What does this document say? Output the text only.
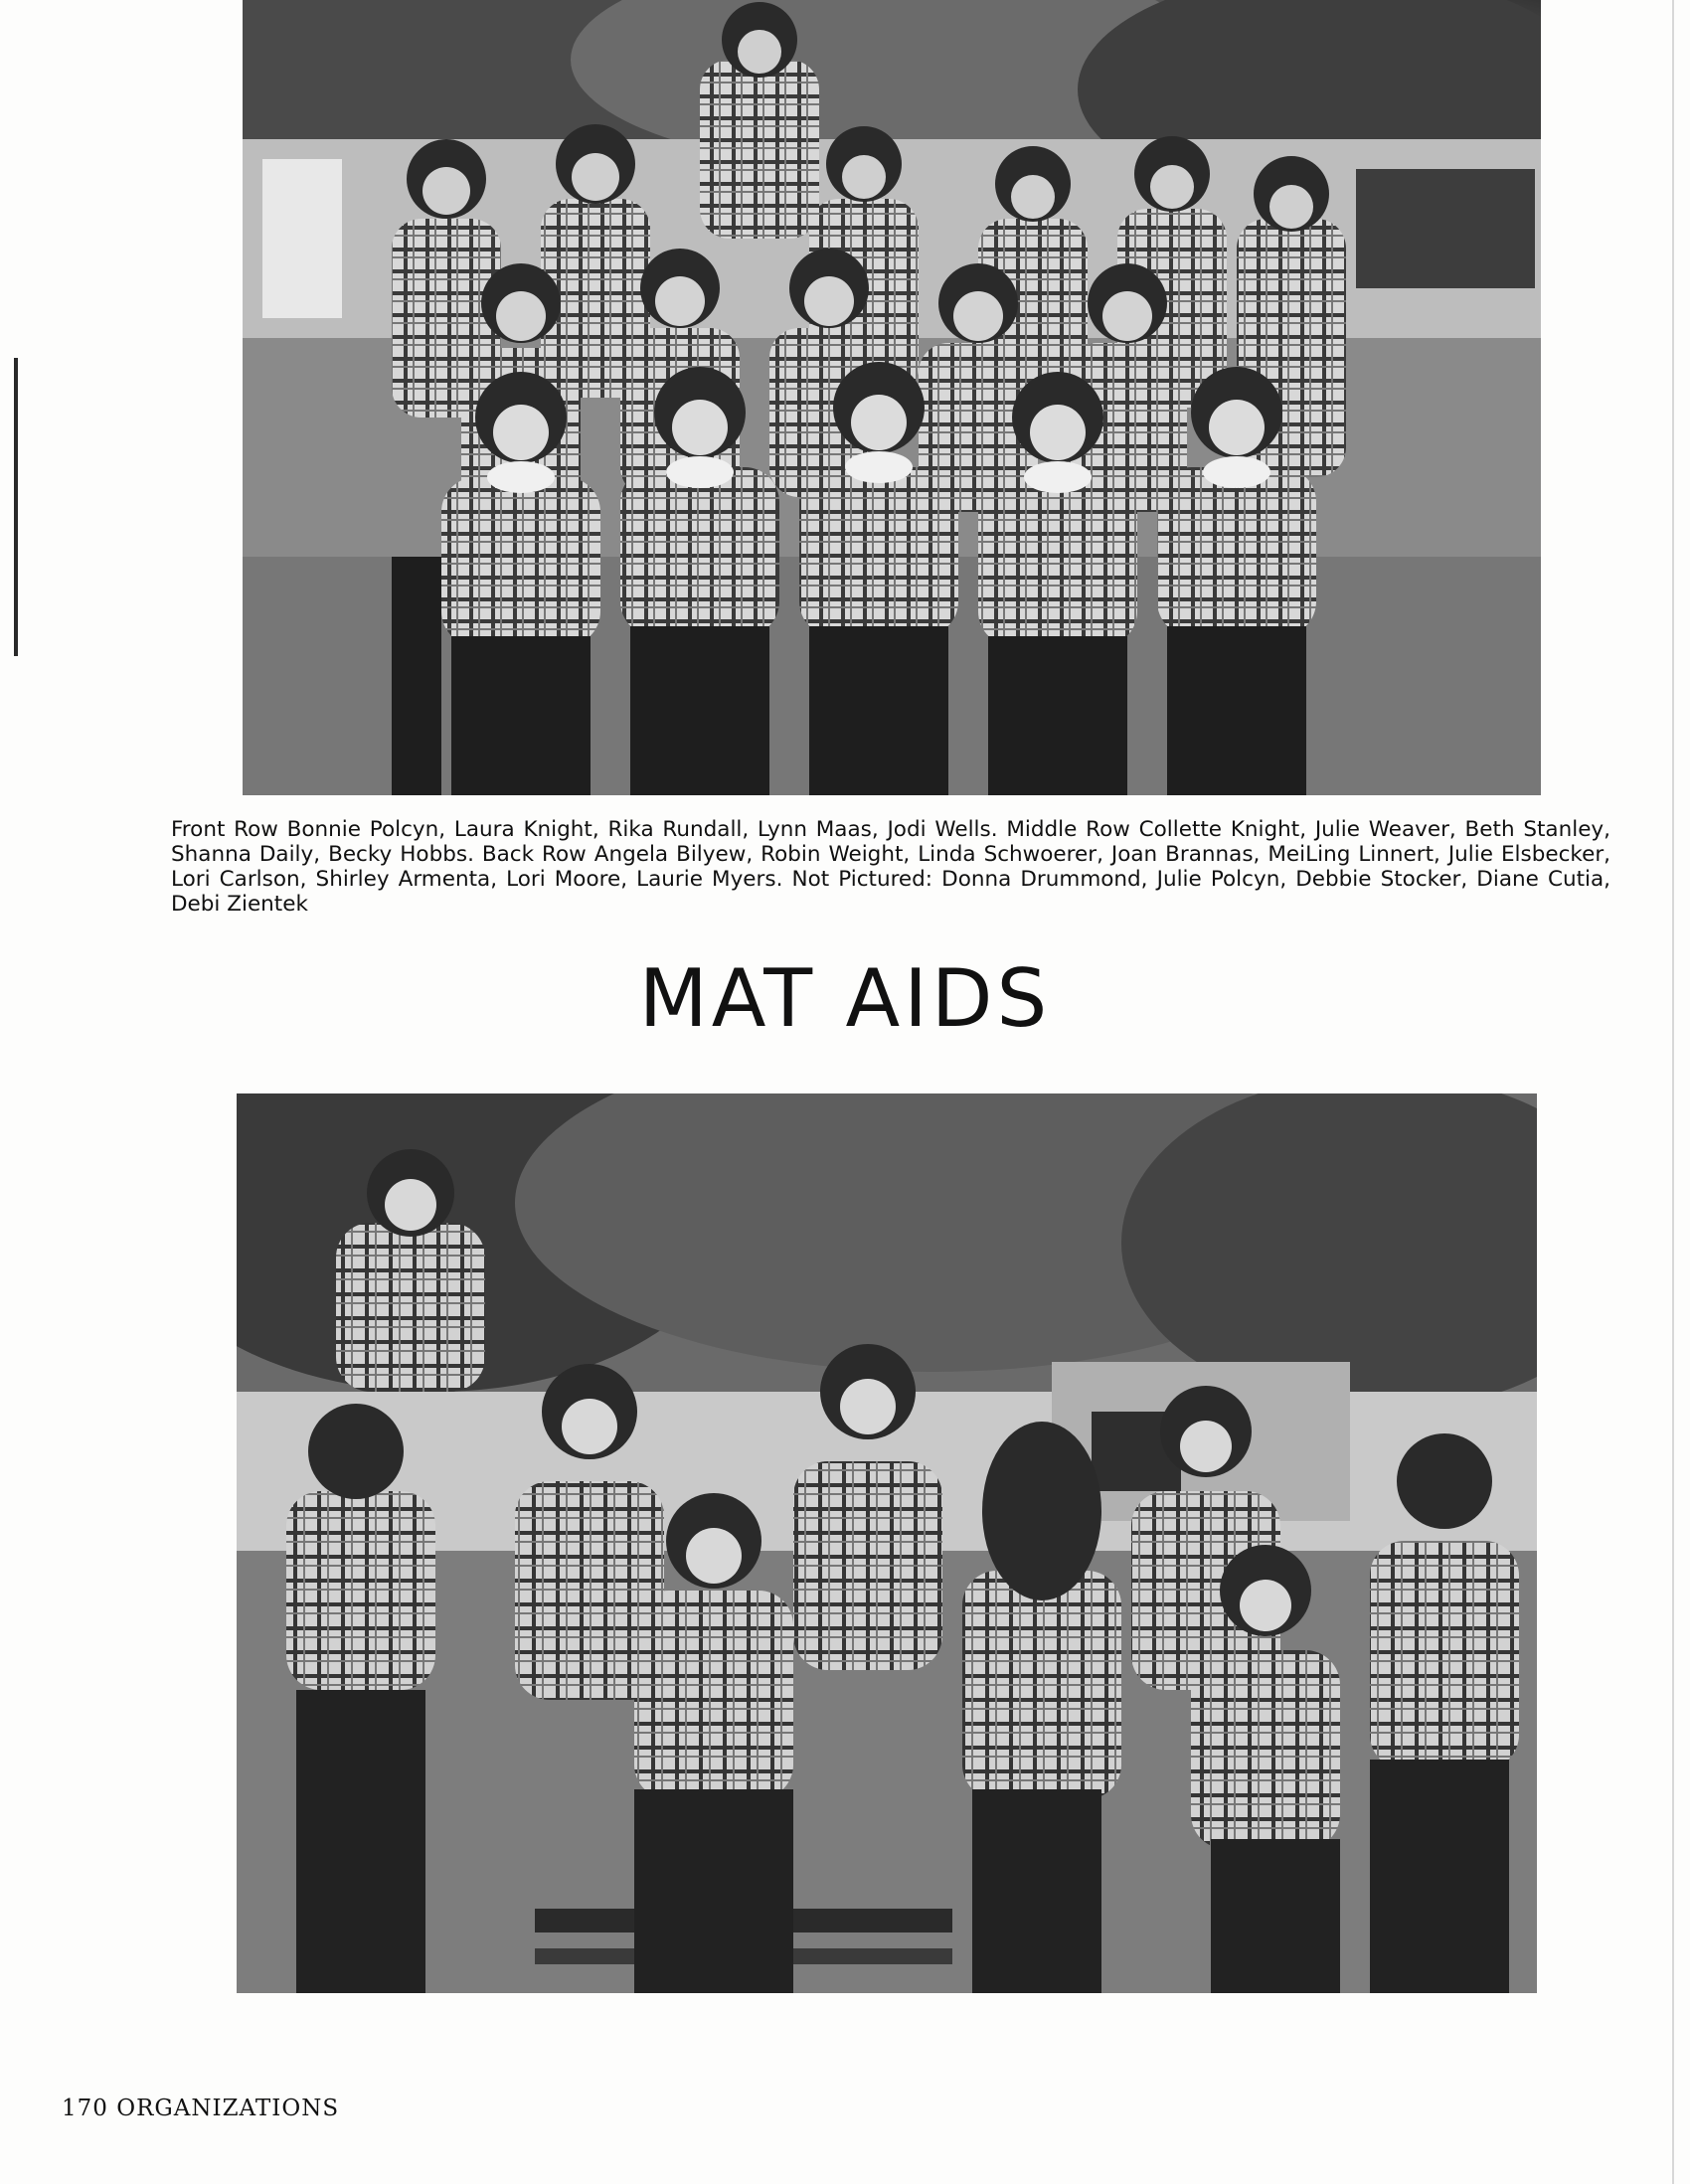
Front Row Bonnie Polcyn, Laura Knight, Rika Rundall, Lynn Maas, Jodi Wells. Middle Row Collette Knight, Julie Weaver, Beth Stanley, Shanna Daily, Becky Hobbs. Back Row Angela Bilyew, Robin Weight, Linda Schwoerer, Joan Brannas, MeiLing Linnert, Julie Elsbecker, Lori Carlson, Shirley Armenta, Lori Moore, Laurie Myers. Not Pictured: Donna Drummond, Julie Polcyn, Debbie Stocker, Diane Cutia, Debi Zientek
MAT AIDS
170 ORGANIZATIONS
